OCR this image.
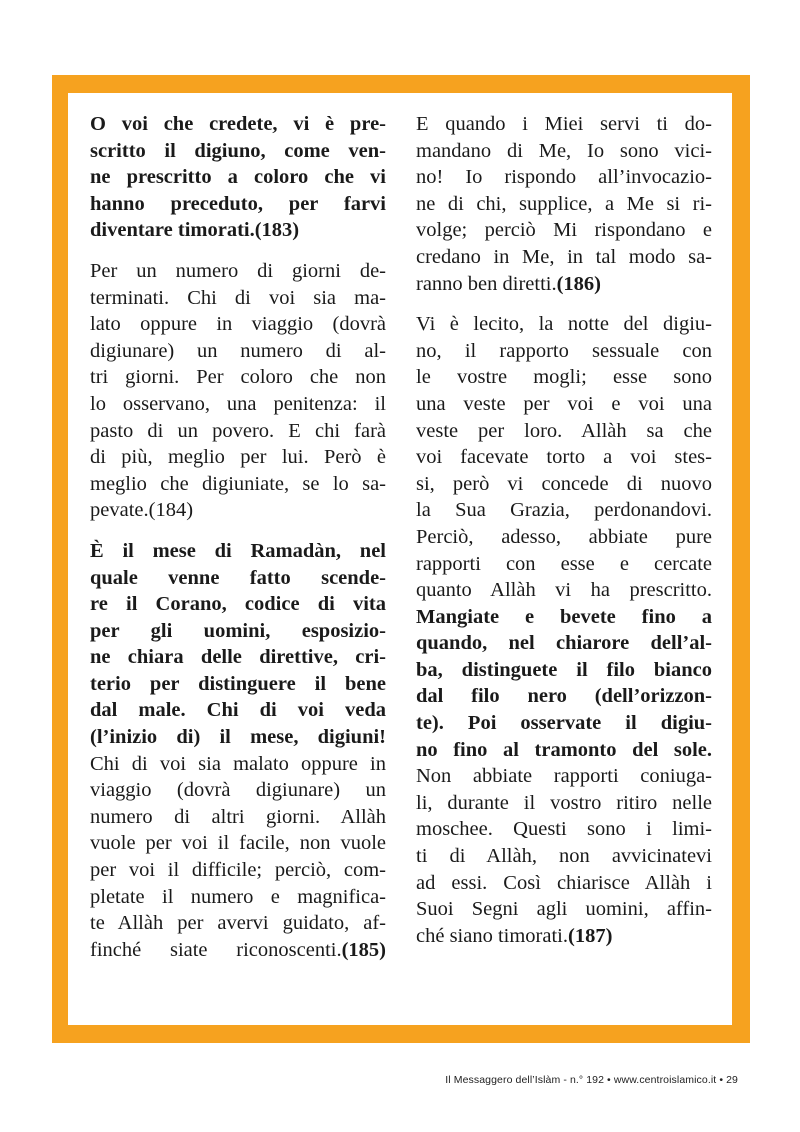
O voi che credete, vi è pre-
scritto il digiuno, come ven-
ne prescritto a coloro che vi
hanno preceduto, per farvi
diventare timorati.(183)

Per un numero di giorni de-
terminati. Chi di voi sia ma-
lato oppure in viaggio (dovrà
digiunare) un numero di al-
tri giorni. Per coloro che non
lo osservano, una penitenza: il
pasto di un povero. E chi farà
di più, meglio per lui. Però è
meglio che digiuniate, se lo sa-
pevate.(184)

È il mese di Ramadàn, nel
quale venne fatto scende-
re il Corano, codice di vita
per gli uomini, esposizio-
ne chiara delle direttive, cri-
terio per distinguere il bene
dal male. Chi di voi veda
(l’inizio di) il mese, digiuni!
Chi di voi sia malato oppure in
viaggio (dovrà digiunare) un
numero di altri giorni. Allàh
vuole per voi il facile, non vuole
per voi il difficile; perciò, com-
pletate il numero e magnifica-
te Allàh per avervi guidato, af-
finché siate riconoscenti.(185)

E quando i Miei servi ti do-
mandano di Me, Io sono vici-
no! Io rispondo all’invocazio-
ne di chi, supplice, a Me si ri-
volge; perciò Mi rispondano e
credano in Me, in tal modo sa-
ranno ben diretti.(186)

Vi è lecito, la notte del digiu-
no, il rapporto sessuale con
le vostre mogli; esse sono
una veste per voi e voi una
veste per loro. Allàh sa che
voi facevate torto a voi stes-
si, però vi concede di nuovo
la Sua Grazia, perdonandovi.
Perciò, adesso, abbiate pure
rapporti con esse e cercate
quanto Allàh vi ha prescritto.
Mangiate e bevete fino a
quando, nel chiarore dell’al-
ba, distinguete il filo bianco
dal filo nero (dell’orizzon-
te). Poi osservate il digiu-
no fino al tramonto del sole.
Non abbiate rapporti coniuga-
li, durante il vostro ritiro nelle
moschee. Questi sono i limi-
ti di Allàh, non avvicinatevi
ad essi. Così chiarisce Allàh i
Suoi Segni agli uomini, affin-
ché siano timorati.(187)

Il Messaggero dell’Islàm - n.° 192 • www.centroislamico.it • 29
